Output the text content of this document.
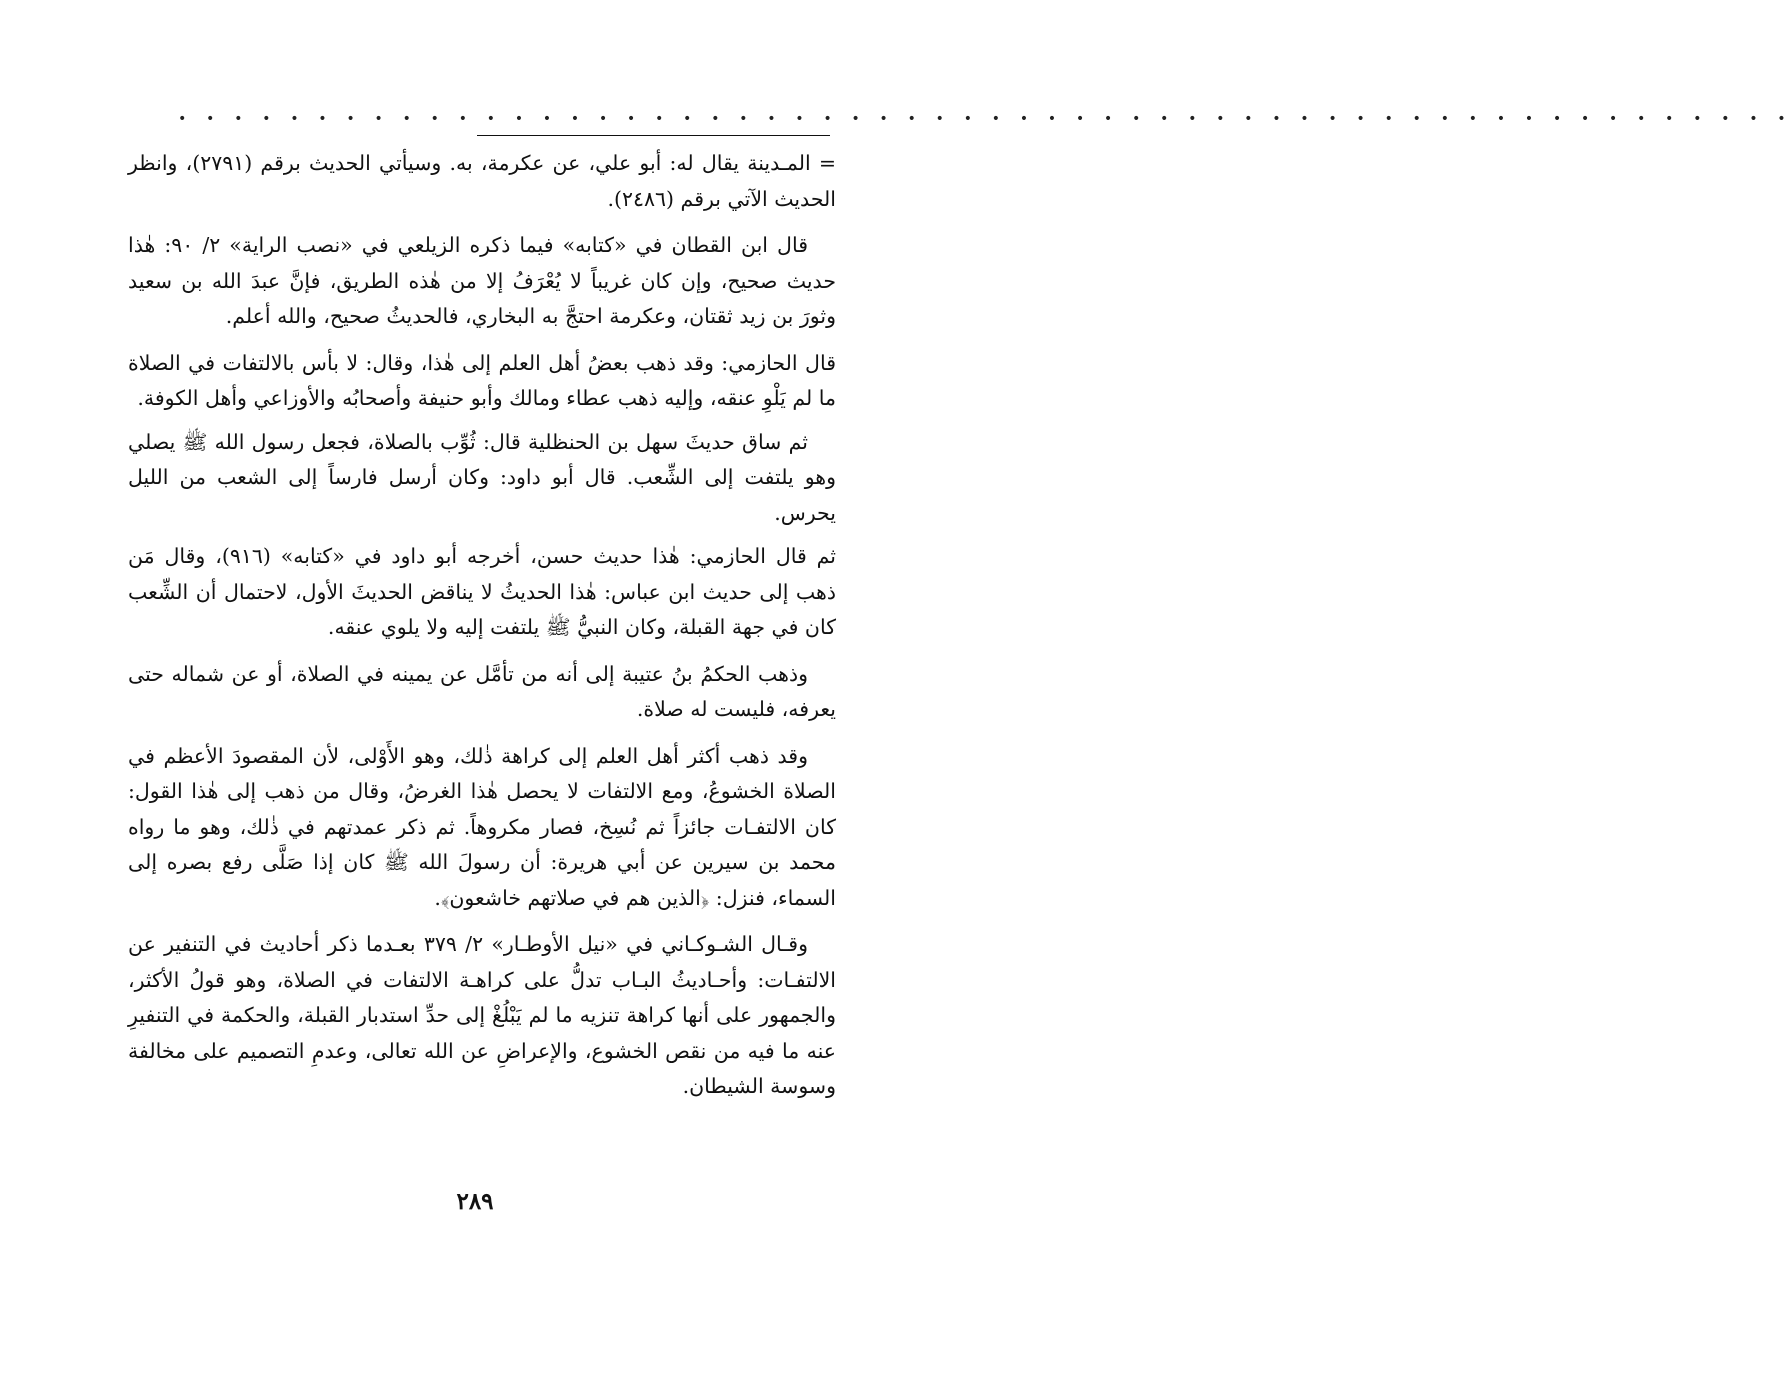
• • • • • • • • • • • • • • • • • • • • • • • • • • • • • • • • • • • • • • • • • • • • • • • • • • • • • • • • • •

= المـدينة يقال له: أبو علي، عن عكرمة، به. وسيأتي الحديث برقم (٢٧٩١)، وانظر الحديث الآتي برقم (٢٤٨٦).

قال ابن القطان في «كتابه» فيما ذكره الزيلعي في «نصب الراية» ٢/ ٩٠: هٰذا حديث صحيح، وإن كان غريباً لا يُعْرَفُ إلا من هٰذه الطريق، فإنَّ عبدَ الله بن سعيد وثورَ بن زيد ثقتان، وعكرمة احتجَّ به البخاري، فالحديثُ صحيح، والله أعلم.

قال الحازمي: وقد ذهب بعضُ أهل العلم إلى هٰذا، وقال: لا بأس بالالتفات في الصلاة ما لم يَلْوِ عنقه، وإليه ذهب عطاء ومالك وأبو حنيفة وأصحابُه والأوزاعي وأهل الكوفة.

ثم ساق حديثَ سهل بن الحنظلية قال: ثُوِّب بالصلاة، فجعل رسول الله ﷺ يصلي وهو يلتفت إلى الشِّعب. قال أبو داود: وكان أرسل فارساً إلى الشعب من الليل يحرس.

ثم قال الحازمي: هٰذا حديث حسن، أخرجه أبو داود في «كتابه» (٩١٦)، وقال مَن ذهب إلى حديث ابن عباس: هٰذا الحديثُ لا يناقض الحديثَ الأول، لاحتمال أن الشِّعب كان في جهة القبلة، وكان النبيُّ ﷺ يلتفت إليه ولا يلوي عنقه.

وذهب الحكمُ بنُ عتيبة إلى أنه من تأمَّل عن يمينه في الصلاة، أو عن شماله حتى يعرفه، فليست له صلاة.

وقد ذهب أكثر أهل العلم إلى كراهة ذٰلك، وهو الأَوْلى، لأن المقصودَ الأعظم في الصلاة الخشوعُ، ومع الالتفات لا يحصل هٰذا الغرضُ، وقال من ذهب إلى هٰذا القول: كان الالتفـات جائزاً ثم نُسِخ، فصار مكروهاً. ثم ذكر عمدتهم في ذٰلك، وهو ما رواه محمد بن سيرين عن أبي هريرة: أن رسولَ الله ﷺ كان إذا صَلَّى رفع بصره إلى السماء، فنزل: ﴿الذين هم في صلاتهم خاشعون﴾.

وقـال الشـوكـاني في «نيل الأوطـار» ٢/ ٣٧٩ بعـدما ذكر أحاديث في التنفير عن الالتفـات: وأحـاديثُ البـاب تدلُّ على كراهـة الالتفات في الصلاة، وهو قولُ الأكثر، والجمهور على أنها كراهة تنزيه ما لم يَبْلُغْ إلى حدِّ استدبار القبلة، والحكمة في التنفيرِ عنه ما فيه من نقص الخشوع، والإعراضِ عن الله تعالى، وعدمِ التصميم على مخالفة وسوسة الشيطان.

٢٨٩
